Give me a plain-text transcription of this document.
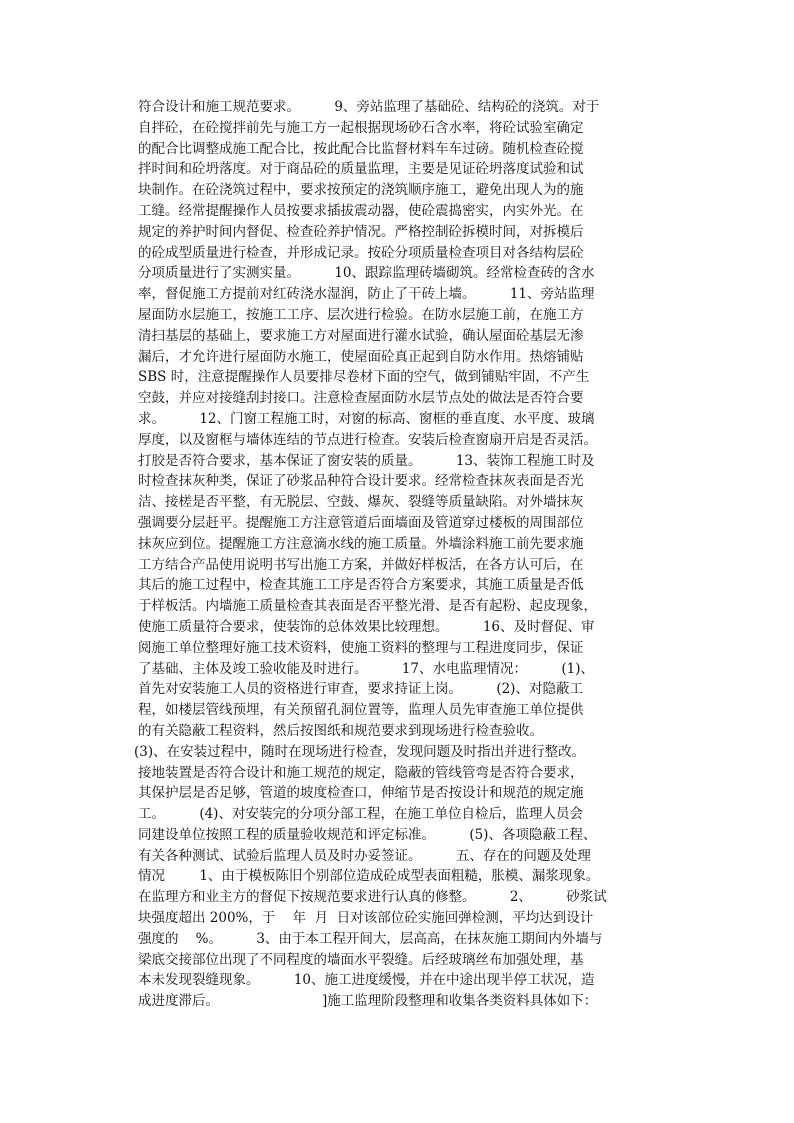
符合设计和施工规范要求。        9、旁站监理了基础砼、结构砼的浇筑。对于
自拌砼，在砼搅拌前先与施工方一起根据现场砂石含水率，将砼试验室确定
的配合比调整成施工配合比，按此配合比监督材料车车过磅。随机检查砼搅
拌时间和砼坍落度。对于商品砼的质量监理，主要是见证砼坍落度试验和试
块制作。在砼浇筑过程中，要求按预定的浇筑顺序施工，避免出现人为的施
工缝。经常提醒操作人员按要求插拔震动器，使砼震捣密实，内实外光。在
规定的养护时间内督促、检查砼养护情况。严格控制砼拆模时间，对拆模后
的砼成型质量进行检查，并形成记录。按砼分项质量检查项目对各结构层砼
分项质量进行了实测实量。        10、跟踪监理砖墙砌筑。经常检查砖的含水
率，督促施工方提前对红砖浇水湿润，防止了干砖上墙。        11、旁站监理
屋面防水层施工，按施工工序、层次进行检验。在防水层施工前，在施工方
清扫基层的基础上，要求施工方对屋面进行灌水试验，确认屋面砼基层无渗
漏后，才允许进行屋面防水施工，使屋面砼真正起到自防水作用。热熔铺贴
SBS 时，注意提醒操作人员要排尽卷材下面的空气，做到铺贴牢固，不产生
空鼓，并应对接缝刮封接口。注意检查屋面防水层节点处的做法是否符合要
求。        12、门窗工程施工时，对窗的标高、窗框的垂直度、水平度、玻璃
厚度，以及窗框与墙体连结的节点进行检查。安装后检查窗扇开启是否灵活。
打胶是否符合要求，基本保证了窗安装的质量。        13、装饰工程施工时及
时检查抹灰种类，保证了砂浆品种符合设计要求。经常检查抹灰表面是否光
洁、接槎是否平整，有无脱层、空鼓、爆灰、裂缝等质量缺陷。对外墙抹灰
强调要分层赶平。提醒施工方注意管道后面墙面及管道穿过楼板的周围部位
抹灰应到位。提醒施工方注意滴水线的施工质量。外墙涂料施工前先要求施
工方结合产品使用说明书写出施工方案，并做好样板活，在各方认可后，在
其后的施工过程中，检查其施工工序是否符合方案要求，其施工质量是否低
于样板活。内墙施工质量检查其表面是否平整光滑、是否有起粉、起皮现象，
使施工质量符合要求，使装饰的总体效果比较理想。        16、及时督促、审
阅施工单位整理好施工技术资料，使施工资料的整理与工程进度同步，保证
了基础、主体及竣工验收能及时进行。        17、水电监理情况：        (1)、
首先对安装施工人员的资格进行审查，要求持证上岗。        (2)、对隐蔽工
程，如楼层管线预埋，有关预留孔洞位置等，监理人员先审查施工单位提供
的有关隐蔽工程资料，然后按图纸和规范要求到现场进行检查验收。
(3)、在安装过程中，随时在现场进行检查，发现问题及时指出并进行整改。
接地装置是否符合设计和施工规范的规定，隐蔽的管线管弯是否符合要求，
其保护层是否足够，管道的坡度检查口，伸缩节是否按设计和规范的规定施
工。        (4)、对安装完的分项分部工程，在施工单位自检后，监理人员会
同建设单位按照工程的质量验收规范和评定标准。        (5)、各项隐蔽工程、
有关各种测试、试验后监理人员及时办妥签证。        五、存在的问题及处理
情况        1、由于模板陈旧个别部位造成砼成型表面粗糙，胀模、漏浆现象。
在监理方和业主方的督促下按规范要求进行认真的修整。        2、        砂浆试
块强度超出 200%，于    年  月  日对该部位砼实施回弹检测，平均达到设计
强度的    %。        3、由于本工程开间大，层高高，在抹灰施工期间内外墙与
梁底交接部位出现了不同程度的墙面水平裂缝。后经玻璃丝布加强处理，基
本未发现裂缝现象。        10、施工进度缓慢，并在中途出现半停工状况，造
成进度滞后。                        ]施工监理阶段整理和收集各类资料具体如下：
